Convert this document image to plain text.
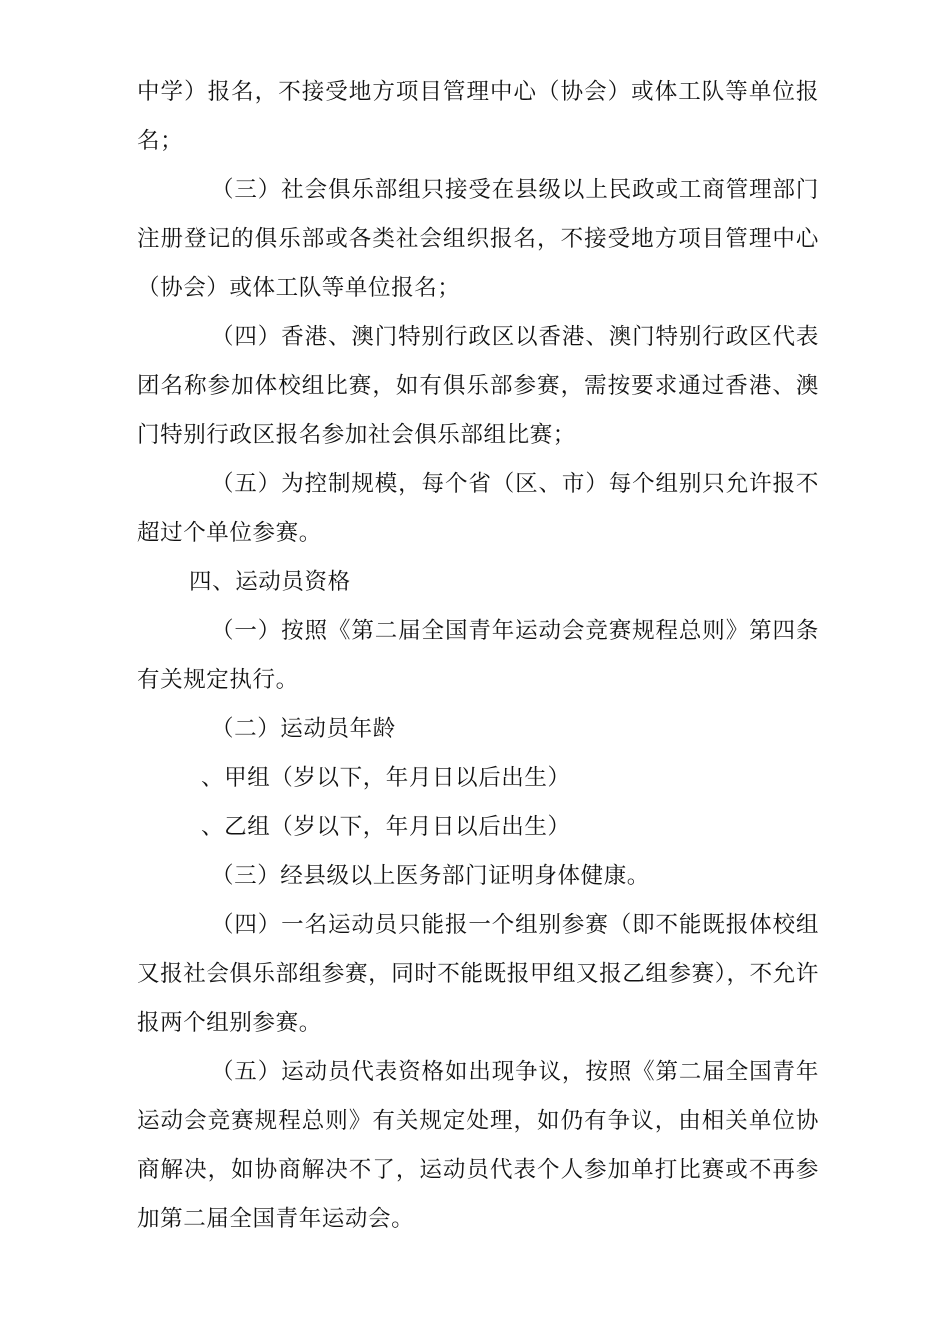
中学）报名，不接受地方项目管理中心（协会）或体工队等单位报名；

（三）社会俱乐部组只接受在县级以上民政或工商管理部门注册登记的俱乐部或各类社会组织报名，不接受地方项目管理中心（协会）或体工队等单位报名；

（四）香港、澳门特别行政区以香港、澳门特别行政区代表团名称参加体校组比赛，如有俱乐部参赛，需按要求通过香港、澳门特别行政区报名参加社会俱乐部组比赛；

（五）为控制规模，每个省（区、市）每个组别只允许报不超过个单位参赛。

四、运动员资格

（一）按照《第二届全国青年运动会竞赛规程总则》第四条有关规定执行。

（二）运动员年龄

、甲组（岁以下，年月日以后出生）

、乙组（岁以下，年月日以后出生）

（三）经县级以上医务部门证明身体健康。

（四）一名运动员只能报一个组别参赛（即不能既报体校组又报社会俱乐部组参赛，同时不能既报甲组又报乙组参赛），不允许报两个组别参赛。

（五）运动员代表资格如出现争议，按照《第二届全国青年运动会竞赛规程总则》有关规定处理，如仍有争议，由相关单位协商解决，如协商解决不了，运动员代表个人参加单打比赛或不再参加第二届全国青年运动会。
